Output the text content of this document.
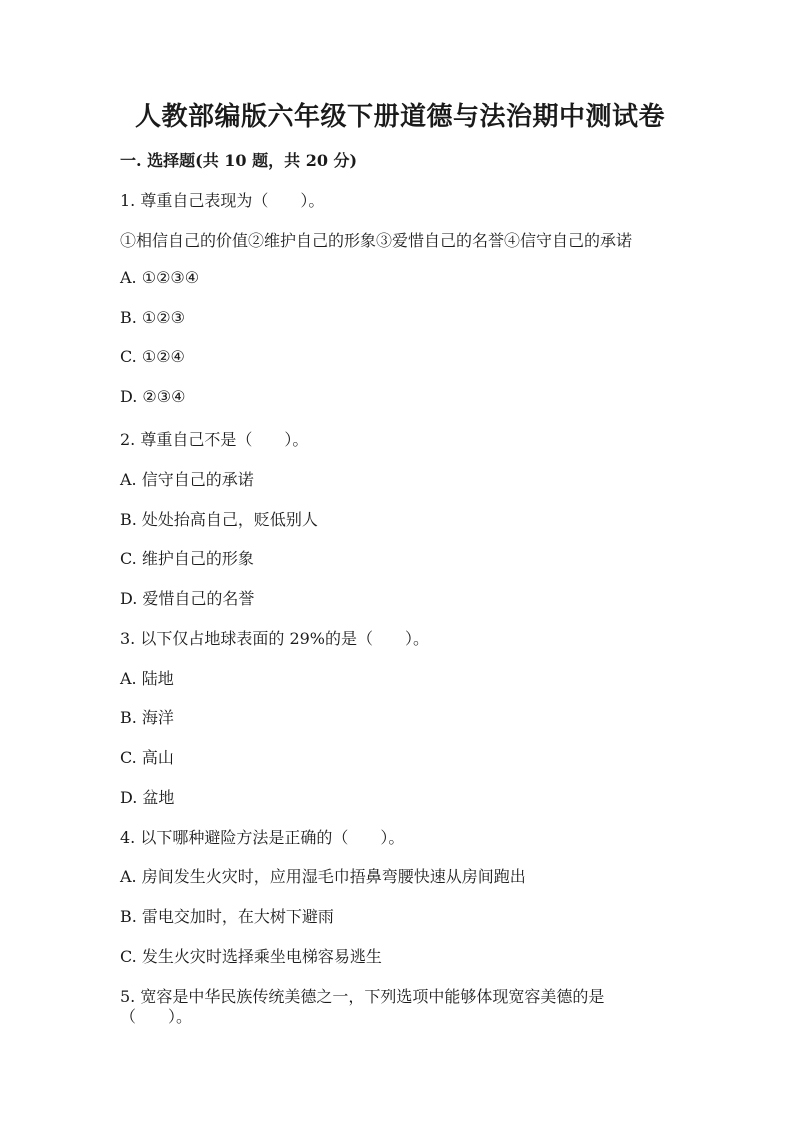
人教部编版六年级下册道德与法治期中测试卷
一. 选择题(共 10 题，共 20 分)
1. 尊重自己表现为（　　）。
①相信自己的价值②维护自己的形象③爱惜自己的名誉④信守自己的承诺
A. ①②③④
B. ①②③
C. ①②④
D. ②③④
2. 尊重自己不是（　　）。
A. 信守自己的承诺
B. 处处抬高自己，贬低别人
C. 维护自己的形象
D. 爱惜自己的名誉
3. 以下仅占地球表面的 29%的是（　　）。
A. 陆地
B. 海洋
C. 高山
D. 盆地
4. 以下哪种避险方法是正确的（　　）。
A. 房间发生火灾时，应用湿毛巾捂鼻弯腰快速从房间跑出
B. 雷电交加时，在大树下避雨
C. 发生火灾时选择乘坐电梯容易逃生
5. 宽容是中华民族传统美德之一，下列选项中能够体现宽容美德的是
（　　）。
